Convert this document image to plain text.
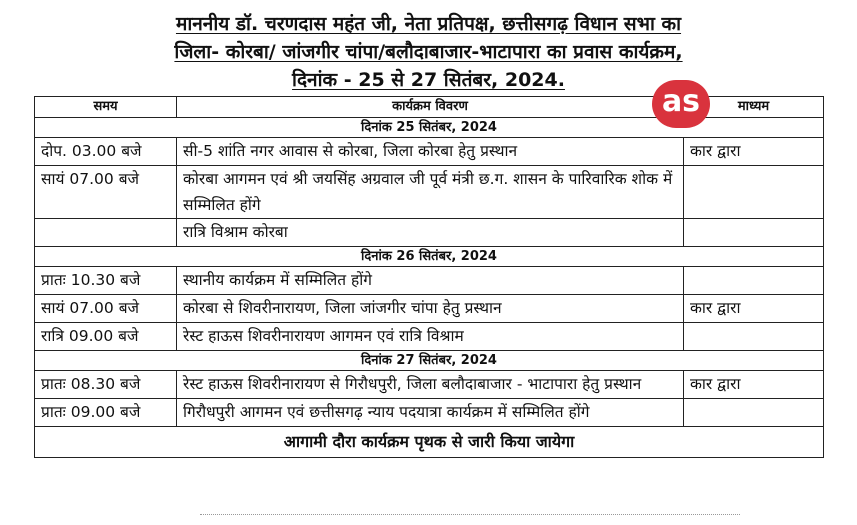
माननीय डॉ. चरणदास महंत जी, नेता प्रतिपक्ष, छत्तीसगढ़ विधान सभा का
जिला- कोरबा/ जांजगीर चांपा/बलौदाबाजार-भाटापारा का प्रवास कार्यक्रम,
दिनांक - 25 से 27 सितंबर, 2024.
समय	कार्यक्रम विवरण	माध्यम
दिनांक 25 सितंबर, 2024		
दोप. 03.00 बजे	सी-5 शांति नगर आवास से कोरबा, जिला कोरबा हेतु प्रस्थान	कार द्वारा
सायं 07.00 बजे	कोरबा आगमन एवं श्री जयसिंह अग्रवाल जी पूर्व मंत्री छ.ग. शासन के पारिवारिक शोक में सम्मिलित होंगे	
	रात्रि विश्राम कोरबा	
दिनांक 26 सितंबर, 2024		
प्रातः 10.30 बजे	स्थानीय कार्यक्रम में सम्मिलित होंगे	
सायं 07.00 बजे	कोरबा से शिवरीनारायण, जिला जांजगीर चांपा हेतु प्रस्थान	कार द्वारा
रात्रि 09.00 बजे	रेस्ट हाऊस शिवरीनारायण आगमन एवं रात्रि विश्राम	
दिनांक 27 सितंबर, 2024		
प्रातः 08.30 बजे	रेस्ट हाऊस शिवरीनारायण से गिरौधपुरी, जिला बलौदाबाजार - भाटापारा हेतु प्रस्थान	कार द्वारा
प्रातः 09.00 बजे	गिरौधपुरी आगमन एवं छत्तीसगढ़ न्याय पदयात्रा कार्यक्रम में सम्मिलित होंगे	
आगामी दौरा कार्यक्रम पृथक से जारी किया जायेगा		
as
